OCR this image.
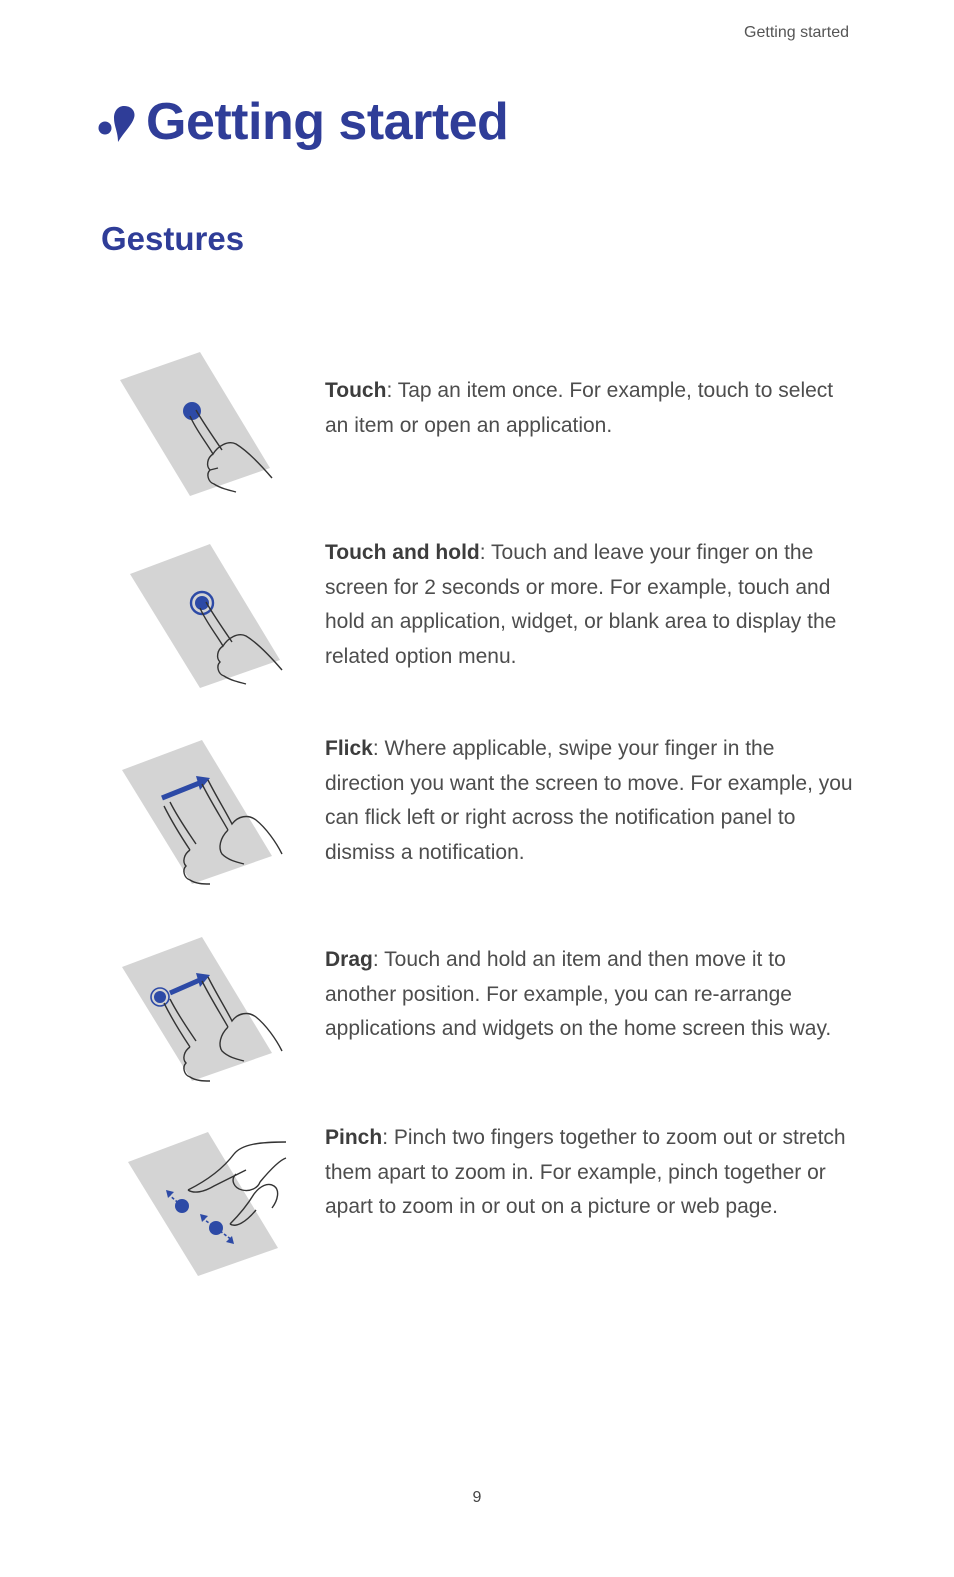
Getting started
Getting started
Gestures
Touch: Tap an item once. For example, touch to select an item or open an application.
Touch and hold: Touch and leave your finger on the screen for 2 seconds or more. For example, touch and hold an application, widget, or blank area to display the related option menu.
Flick: Where applicable, swipe your finger in the direction you want the screen to move. For example, you can flick left or right across the notification panel to dismiss a notification.
Drag: Touch and hold an item and then move it to another position. For example, you can re-arrange applications and widgets on the home screen this way.
Pinch: Pinch two fingers together to zoom out or stretch them apart to zoom in. For example, pinch together or apart to zoom in or out on a picture or web page.
9
